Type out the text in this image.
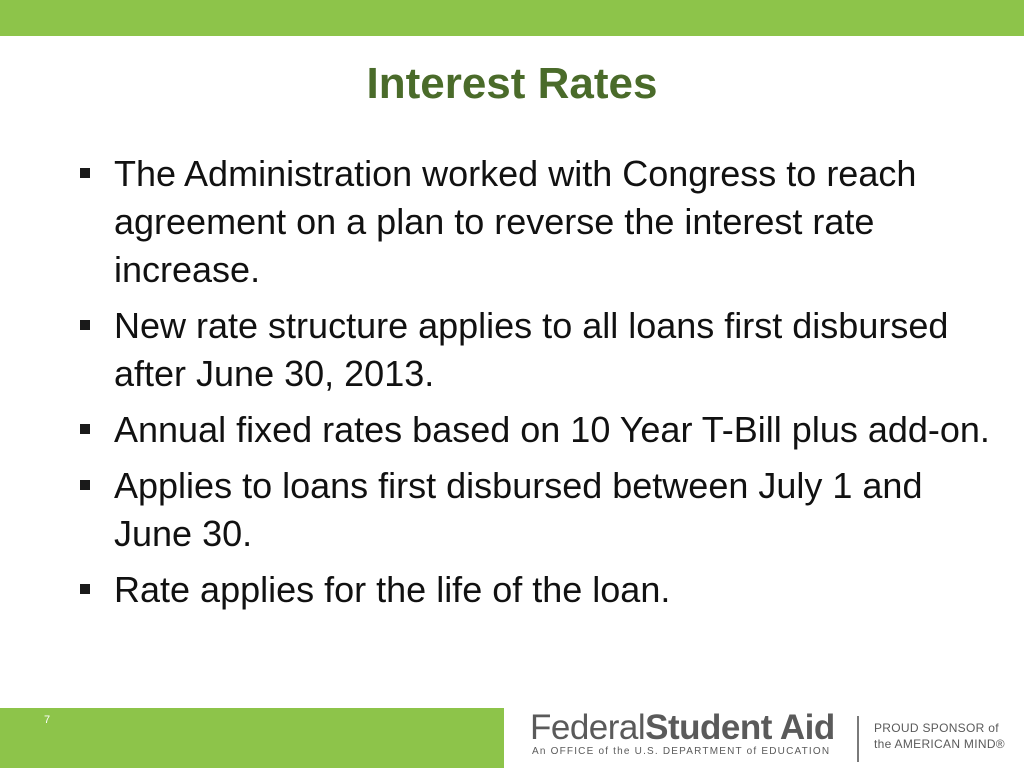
Interest Rates
The Administration worked with Congress to reach agreement on a plan to reverse the interest rate increase.
New rate structure applies to all loans first disbursed after June 30, 2013.
Annual fixed rates based on 10 Year T-Bill plus add-on.
Applies to loans first disbursed between July 1 and June 30.
Rate applies for the life of the loan.
7	FederalStudent Aid
An OFFICE of the U.S. DEPARTMENT of EDUCATION
PROUD SPONSOR of
the AMERICAN MIND®
